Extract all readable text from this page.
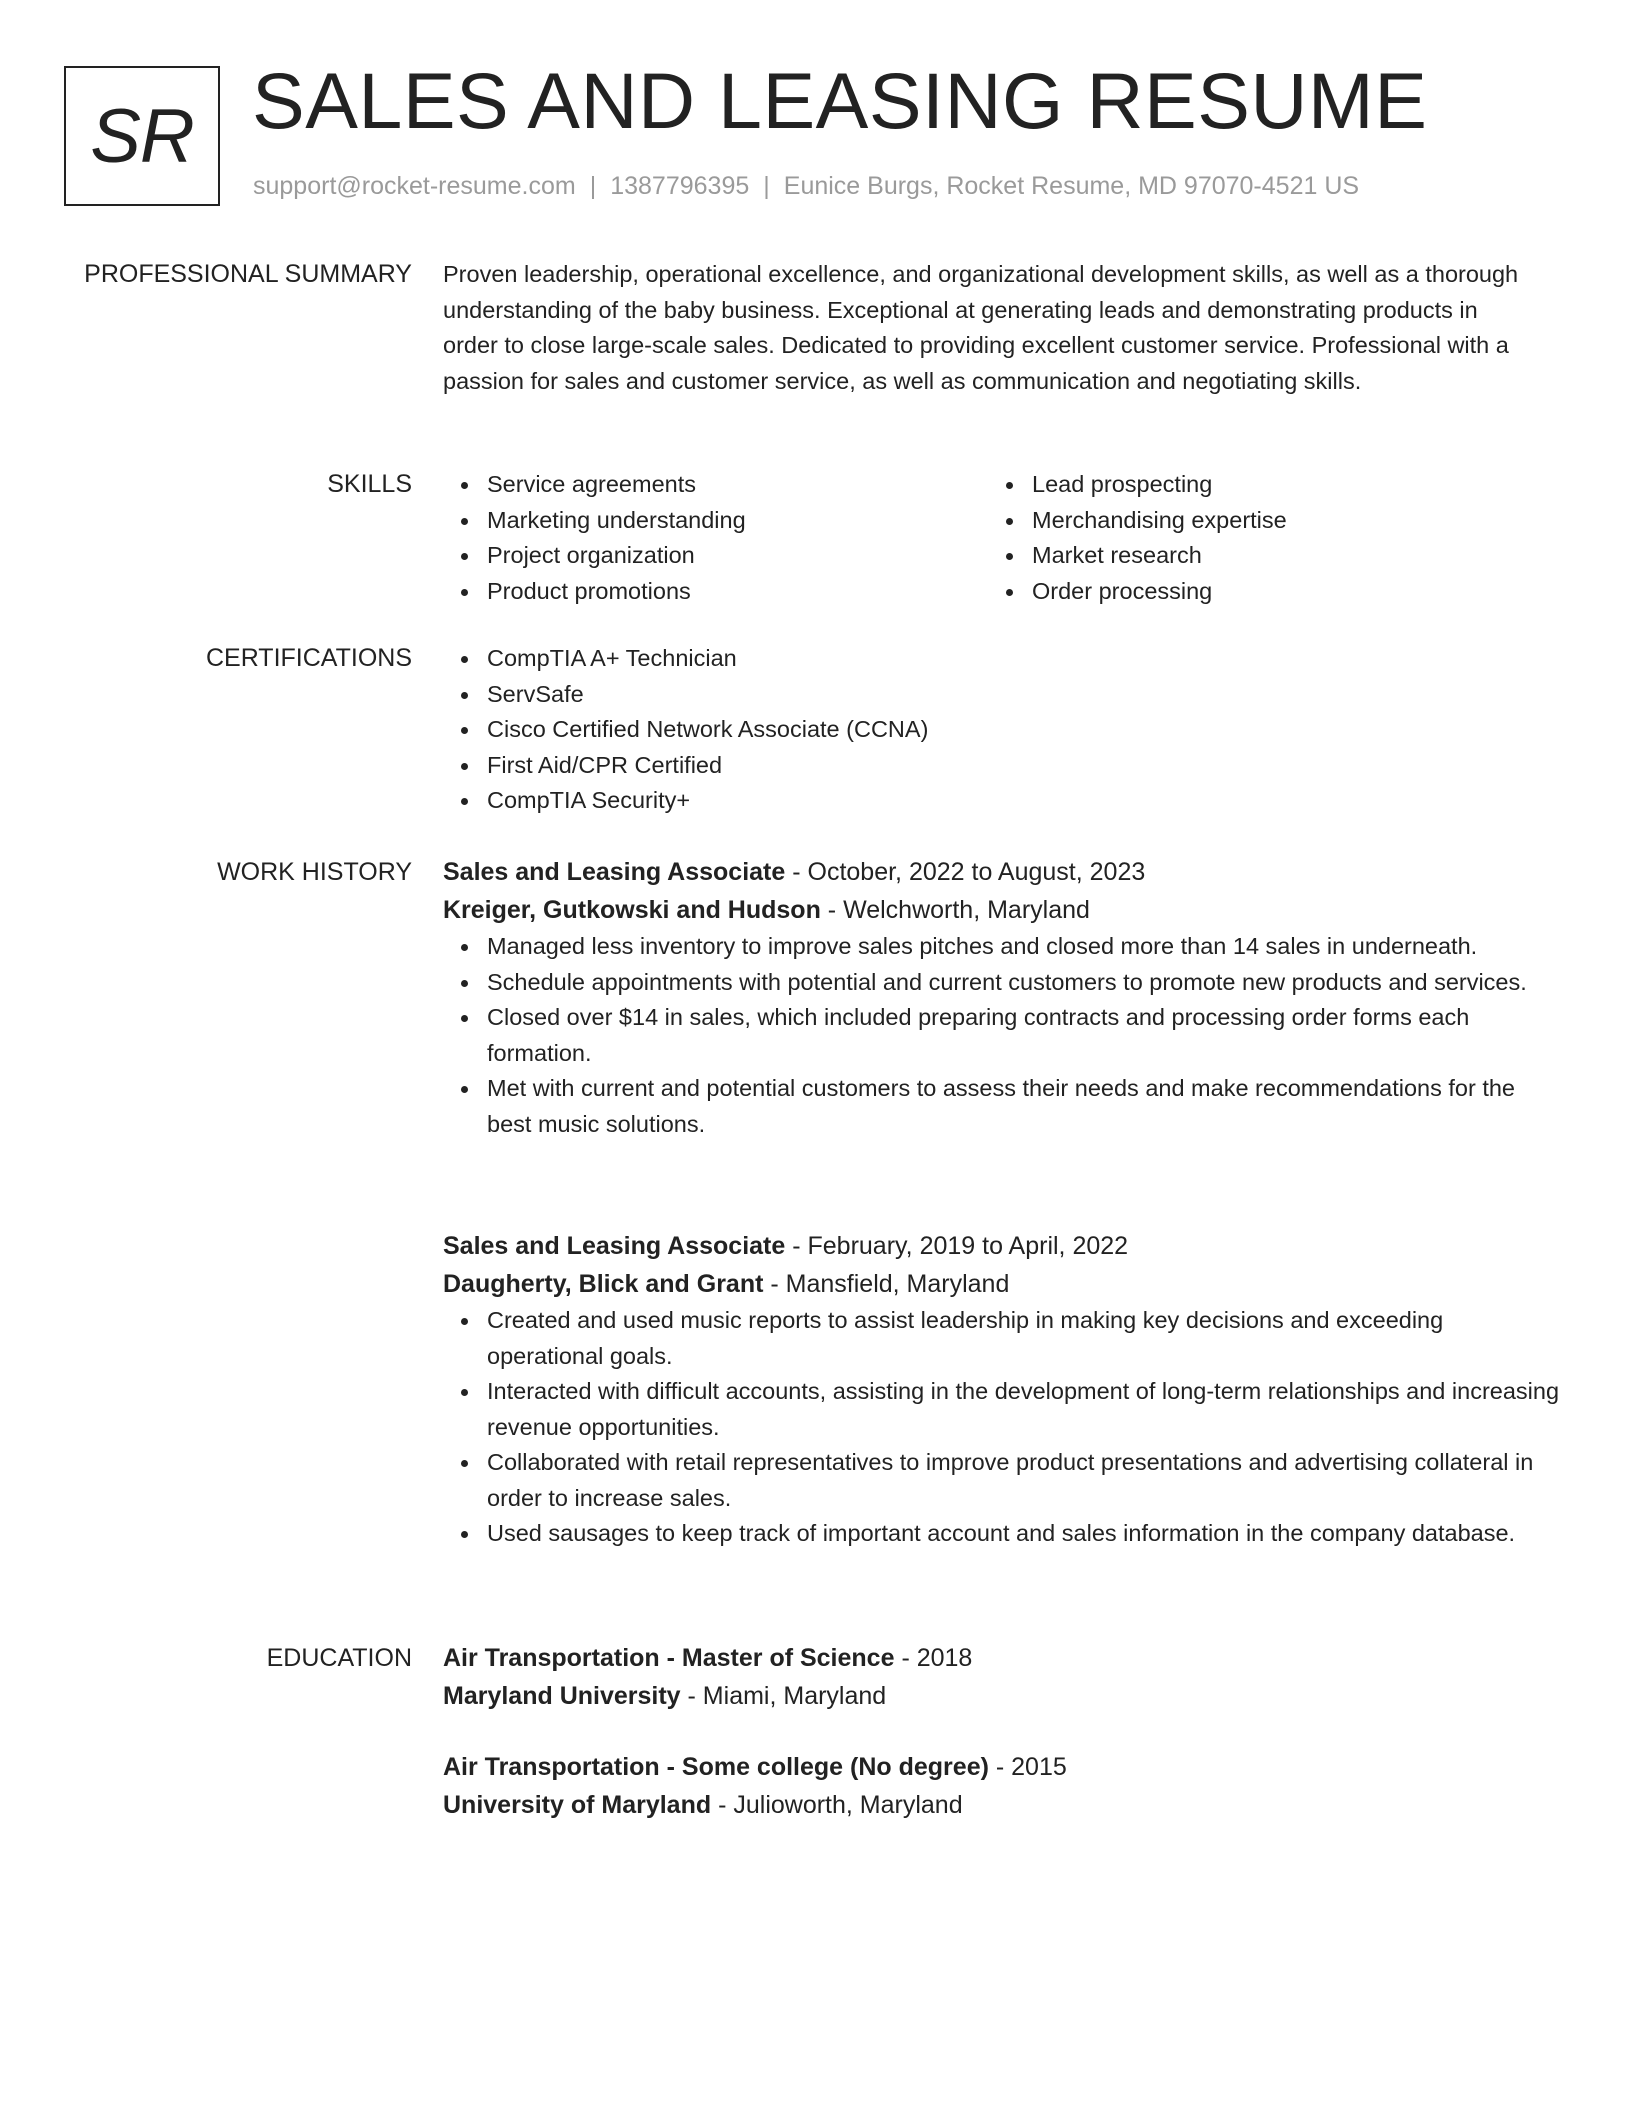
SR SALES AND LEASING RESUME
support@rocket-resume.com | 1387796395 | Eunice Burgs, Rocket Resume, MD 97070-4521 US
PROFESSIONAL SUMMARY Proven leadership, operational excellence, and organizational development skills, as well as a thorough understanding of the baby business. Exceptional at generating leads and demonstrating products in order to close large-scale sales. Dedicated to providing excellent customer service. Professional with a passion for sales and customer service, as well as communication and negotiating skills.
SKILLS	Service agreements
Marketing understanding
Project organization
Product promotions
Lead prospecting
Merchandising expertise
Market research
Order processing
CERTIFICATIONS	CompTIA A+ Technician
ServSafe
Cisco Certified Network Associate (CCNA)
First Aid/CPR Certified
CompTIA Security+
WORK HISTORY Sales and Leasing Associate - October, 2022 to August, 2023
Kreiger, Gutkowski and Hudson - Welchworth, Maryland
Managed less inventory to improve sales pitches and closed more than 14 sales in underneath.
Schedule appointments with potential and current customers to promote new products and services.
Closed over $14 in sales, which included preparing contracts and processing order forms each formation.
Met with current and potential customers to assess their needs and make recommendations for the best music solutions.
Sales and Leasing Associate - February, 2019 to April, 2022
Daugherty, Blick and Grant - Mansfield, Maryland
Created and used music reports to assist leadership in making key decisions and exceeding operational goals.
Interacted with difficult accounts, assisting in the development of long-term relationships and increasing revenue opportunities.
Collaborated with retail representatives to improve product presentations and advertising collateral in order to increase sales.
Used sausages to keep track of important account and sales information in the company database.
EDUCATION Air Transportation - Master of Science - 2018
Maryland University - Miami, Maryland
Air Transportation - Some college (No degree) - 2015
University of Maryland - Julioworth, Maryland
